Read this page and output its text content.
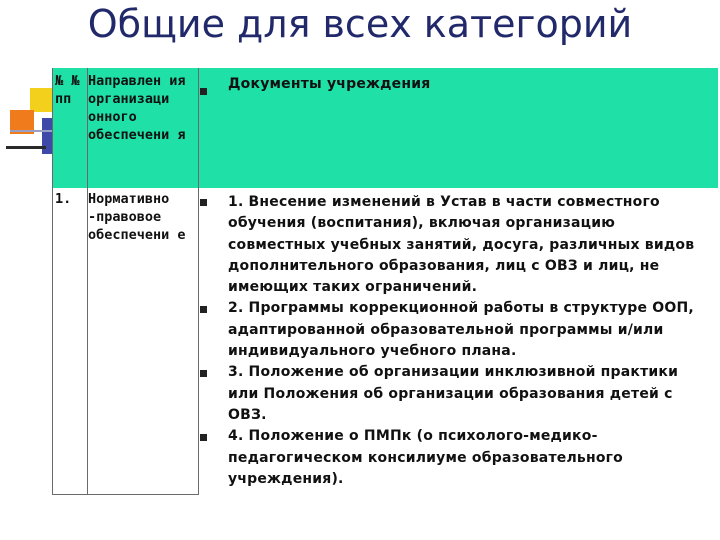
Общие для всех категорий
№ № пп
Направлен ия организаци онного обеспечени я
Документы учреждения
1.	Нормативно -правовое обеспечени е
1. Внесение изменений в Устав в части совместного обучения (воспитания), включая организацию совместных учебных занятий, досуга, различных видов дополнительного образования, лиц с ОВЗ и лиц, не имеющих таких ограничений.
2. Программы коррекционной работы в структуре ООП, адаптированной образовательной программы и/или индивидуального учебного плана.
3. Положение об организации инклюзивной практики или Положения об организации образования детей с ОВЗ.
4. Положение о ПМПк (о психолого-медико-педагогическом консилиуме образовательного учреждения).
